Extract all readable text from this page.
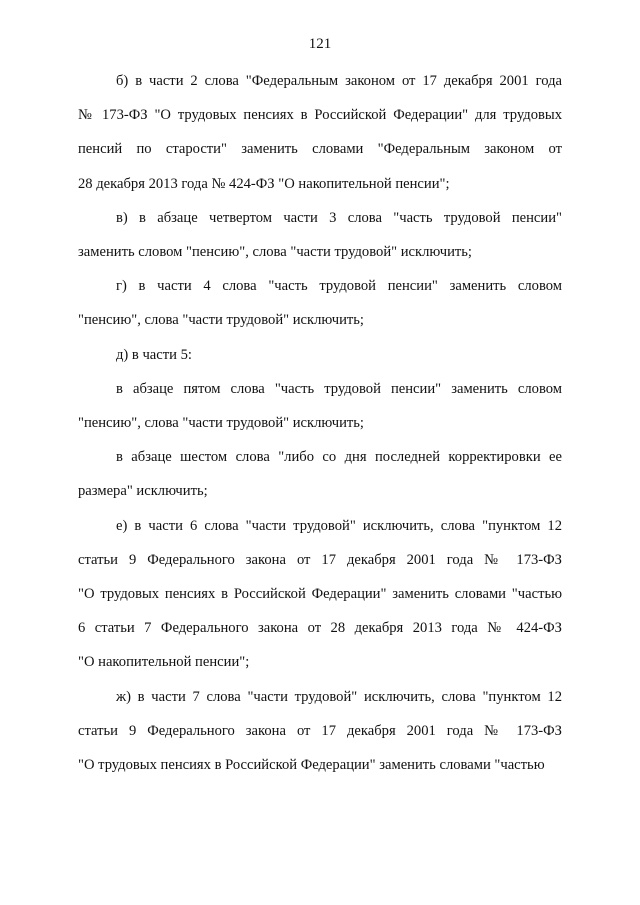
121
б) в части 2 слова "Федеральным законом от 17 декабря 2001 года
№ 173-ФЗ "О трудовых пенсиях в Российской Федерации" для трудовых
пенсий по старости" заменить словами "Федеральным законом от
28 декабря 2013 года № 424-ФЗ "О накопительной пенсии";
в) в абзаце четвертом части 3 слова "часть трудовой пенсии"
заменить словом "пенсию", слова "части трудовой" исключить;
г) в части 4 слова "часть трудовой пенсии" заменить словом
"пенсию", слова "части трудовой" исключить;
д) в части 5:
в абзаце пятом слова "часть трудовой пенсии" заменить словом
"пенсию", слова "части трудовой" исключить;
в абзаце шестом слова "либо со дня последней корректировки ее
размера" исключить;
е) в части 6 слова "части трудовой" исключить, слова "пунктом 12
статьи 9 Федерального закона от 17 декабря 2001 года № 173-ФЗ
"О трудовых пенсиях в Российской Федерации" заменить словами "частью
6 статьи 7 Федерального закона от 28 декабря 2013 года № 424-ФЗ
"О накопительной пенсии";
ж) в части 7 слова "части трудовой" исключить, слова "пунктом 12
статьи 9 Федерального закона от 17 декабря 2001 года № 173-ФЗ
"О трудовых пенсиях в Российской Федерации" заменить словами "частью
